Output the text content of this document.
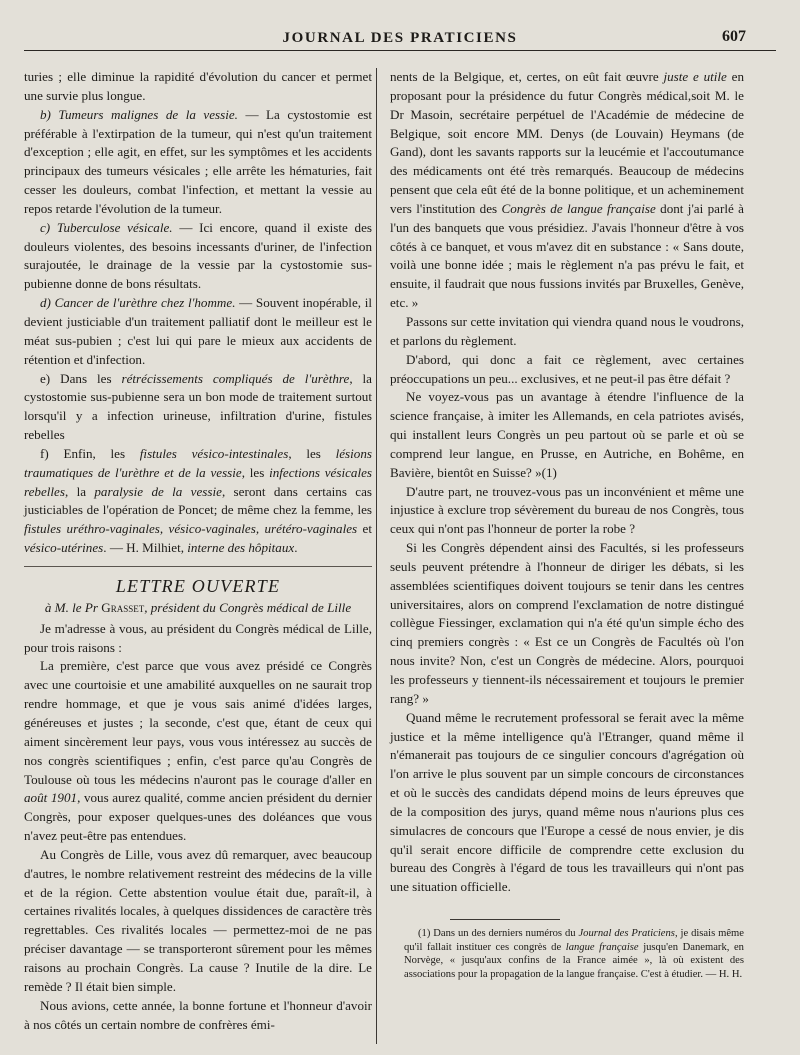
JOURNAL DES PRATICIENS	607

turies ; elle diminue la rapidité d'évolution du cancer et permet une survie plus longue.

b) Tumeurs malignes de la vessie. — La cystostomie est préférable à l'extirpation de la tumeur, qui n'est qu'un traitement d'exception ; elle agit, en effet, sur les symptômes et les accidents principaux des tumeurs vésicales ; elle arrête les hématuries, fait cesser les douleurs, combat l'infection, et mettant la vessie au repos retarde l'évolution de la tumeur.

c) Tuberculose vésicale. — Ici encore, quand il existe des douleurs violentes, des besoins incessants d'uriner, de l'infection surajoutée, le drainage de la vessie par la cystostomie sus-pubienne donne de bons résultats.

d) Cancer de l'urèthre chez l'homme. — Souvent inopérable, il devient justiciable d'un traitement palliatif dont le meilleur est le méat sus-pubien ; c'est lui qui pare le mieux aux accidents de rétention et d'infection.

e) Dans les rétrécissements compliqués de l'urèthre, la cystostomie sus-pubienne sera un bon mode de traitement surtout lorsqu'il y a infection urineuse, infiltration d'urine, fistules rebelles

f) Enfin, les fistules vésico-intestinales, les lésions traumatiques de l'urèthre et de la vessie, les infections vésicales rebelles, la paralysie de la vessie, seront dans certains cas justiciables de l'opération de Poncet; de même chez la femme, les fistules uréthro-vaginales, vésico-vaginales, urétéro-vaginales et vésico-utérines. — H. Milhiet, interne des hôpitaux.

LETTRE OUVERTE
à M. le Pr Grasset, président du Congrès médical de Lille

Je m'adresse à vous, au président du Congrès médical de Lille, pour trois raisons :

La première, c'est parce que vous avez présidé ce Congrès avec une courtoisie et une amabilité auxquelles on ne saurait trop rendre hommage, et que je vous sais animé d'idées larges, généreuses et justes ; la seconde, c'est que, étant de ceux qui aiment sincèrement leur pays, vous vous intéressez au succès de nos congrès scientifiques ; enfin, c'est parce qu'au Congrès de Toulouse où tous les médecins n'auront pas le courage d'aller en août 1901, vous aurez qualité, comme ancien président du dernier Congrès, pour exposer quelques-unes des doléances que vous n'avez peut-être pas entendues.

Au Congrès de Lille, vous avez dû remarquer, avec beaucoup d'autres, le nombre relativement restreint des médecins de la ville et de la région. Cette abstention voulue était due, paraît-il, à certaines rivalités locales, à quelques dissidences de caractère très regrettables. Ces rivalités locales — permettez-moi de ne pas préciser davantage — se transporteront sûrement pour les mêmes raisons au prochain Congrès. La cause ? Inutile de la dire. Le remède ? Il était bien simple.

Nous avions, cette année, la bonne fortune et l'honneur d'avoir à nos côtés un certain nombre de confrères émi-

nents de la Belgique, et, certes, on eût fait œuvre juste e utile en proposant pour la présidence du futur Congrès médical,soit M. le Dr Masoin, secrétaire perpétuel de l'Académie de médecine de Belgique, soit encore MM. Denys (de Louvain) Heymans (de Gand), dont les savants rapports sur la leucémie et l'accoutumance des médicaments ont été très remarqués. Beaucoup de médecins pensent que cela eût été de la bonne politique, et un acheminement vers l'institution des Congrès de langue française dont j'ai parlé à l'un des banquets que vous présidiez. J'avais l'honneur d'être à vos côtés à ce banquet, et vous m'avez dit en substance : « Sans doute, voilà une bonne idée ; mais le règlement n'a pas prévu le fait, et ensuite, il faudrait que nous fussions invités par Bruxelles, Genève, etc. »

Passons sur cette invitation qui viendra quand nous le voudrons, et parlons du règlement.

D'abord, qui donc a fait ce règlement, avec certaines préoccupations un peu... exclusives, et ne peut-il pas être défait ?

Ne voyez-vous pas un avantage à étendre l'influence de la science française, à imiter les Allemands, en cela patriotes avisés, qui installent leurs Congrès un peu partout où se parle et où se comprend leur langue, en Prusse, en Autriche, en Bohême, en Bavière, bientôt en Suisse? »(1)

D'autre part, ne trouvez-vous pas un inconvénient et même une injustice à exclure trop sévèrement du bureau de nos Congrès, tous ceux qui n'ont pas l'honneur de porter la robe ?

Si les Congrès dépendent ainsi des Facultés, si les professeurs seuls peuvent prétendre à l'honneur de diriger les débats, si les assemblées scientifiques doivent toujours se tenir dans les centres universitaires, alors on comprend l'exclamation de notre distingué collègue Fiessinger, exclamation qui n'a été qu'un simple écho des cinq premiers congrès : « Est ce un Congrès de Facultés où l'on nous invite? Non, c'est un Congrès de médecine. Alors, pourquoi les professeurs y tiennent-ils nécessairement et toujours le premier rang? »

Quand même le recrutement professoral se ferait avec la même justice et la même intelligence qu'à l'Etranger, quand même il n'émanerait pas toujours de ce singulier concours d'agrégation où l'on arrive le plus souvent par un simple concours de circonstances et où le succès des candidats dépend moins de leurs épreuves que de la composition des jurys, quand même nous n'aurions plus ces simulacres de concours que l'Europe a cessé de nous envier, je dis qu'il serait encore difficile de comprendre cette exclusion du bureau des Congrès à l'égard de tous les travailleurs qui n'ont pas une situation officielle.

(1) Dans un des derniers numéros du Journal des Praticiens, je disais même qu'il fallait instituer ces congrès de langue française jusqu'en Danemark, en Norvège, « jusqu'aux confins de la France aimée », là où existent des associations pour la propagation de la langue française. C'est à étudier. — H. H.
